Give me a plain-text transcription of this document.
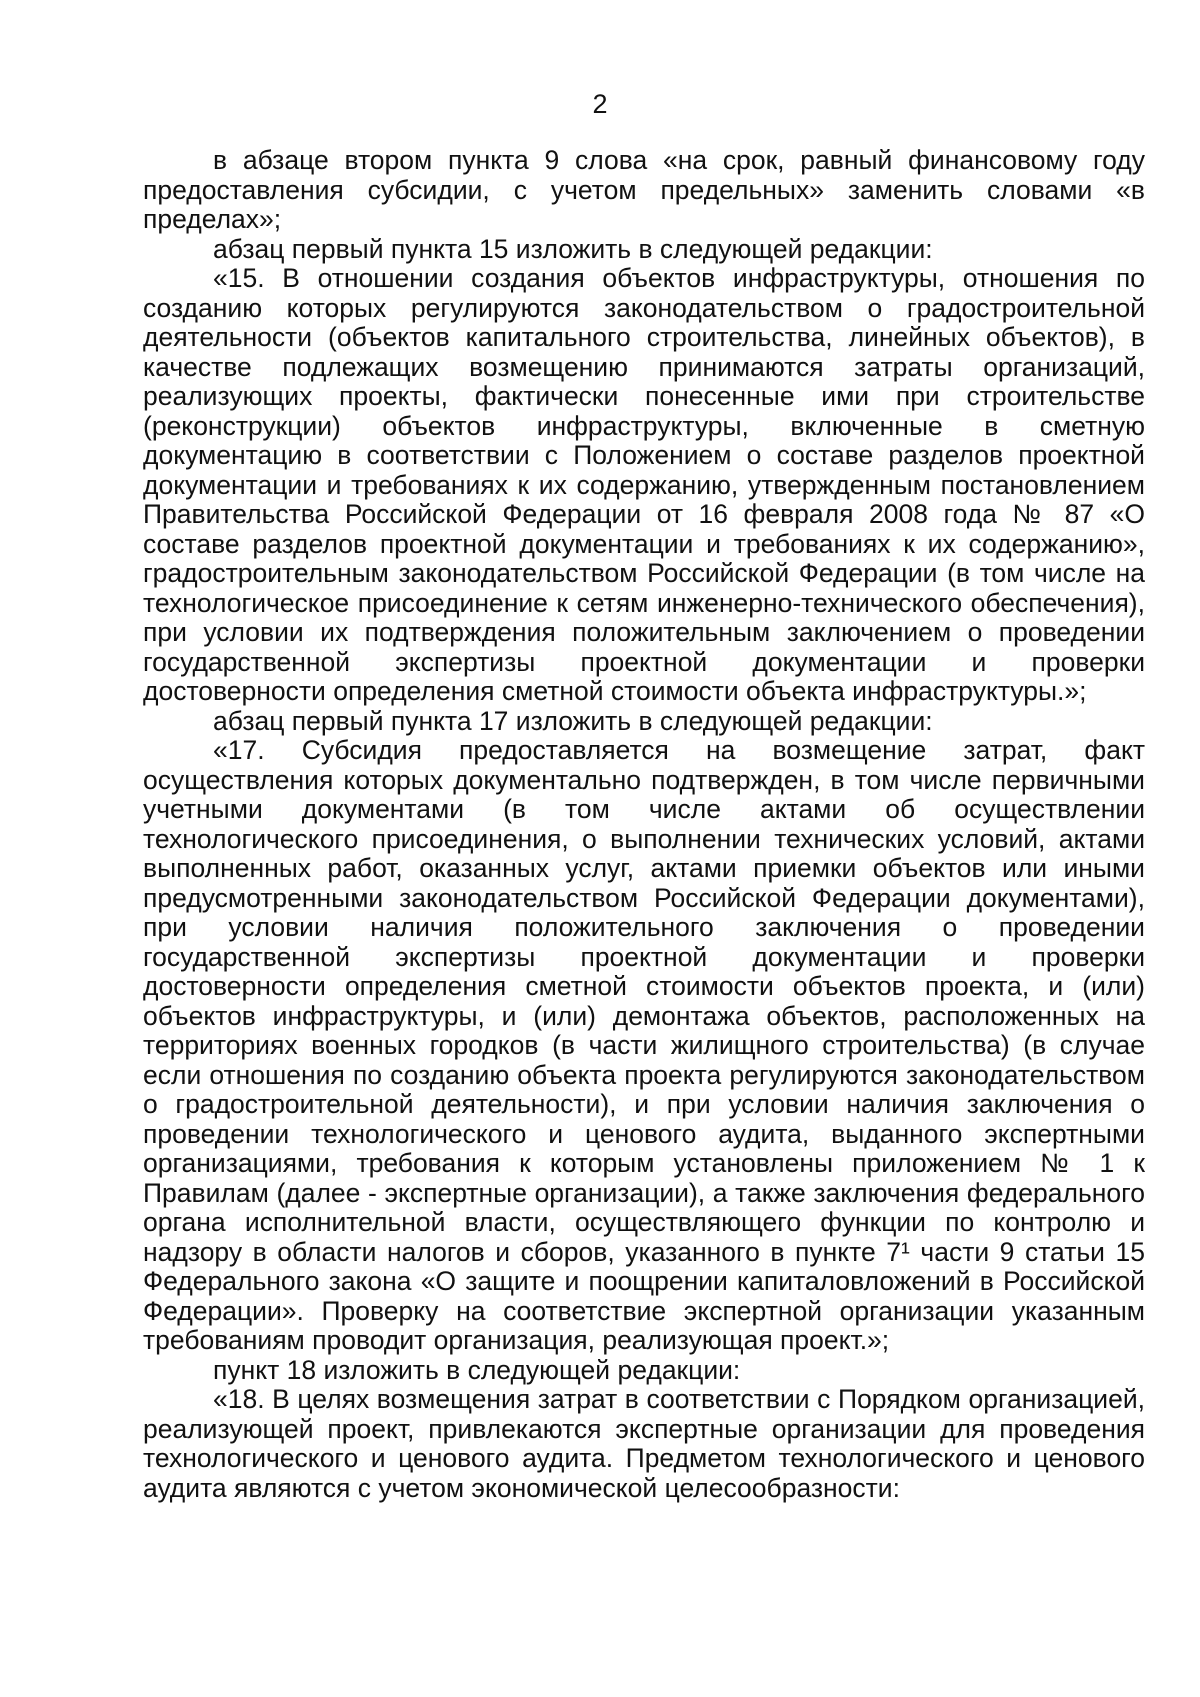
2

в абзаце втором пункта 9 слова «на срок, равный финансовому году предоставления субсидии, с учетом предельных» заменить словами «в пределах»;

абзац первый пункта 15 изложить в следующей редакции:

«15. В отношении создания объектов инфраструктуры, отношения по созданию которых регулируются законодательством о градостроительной деятельности (объектов капитального строительства, линейных объектов), в качестве подлежащих возмещению принимаются затраты организаций, реализующих проекты, фактически понесенные ими при строительстве (реконструкции) объектов инфраструктуры, включенные в сметную документацию в соответствии с Положением о составе разделов проектной документации и требованиях к их содержанию, утвержденным постановлением Правительства Российской Федерации от 16 февраля 2008 года № 87 «О составе разделов проектной документации и требованиях к их содержанию», градостроительным законодательством Российской Федерации (в том числе на технологическое присоединение к сетям инженерно-технического обеспечения), при условии их подтверждения положительным заключением о проведении государственной экспертизы проектной документации и проверки достоверности определения сметной стоимости объекта инфраструктуры.»;

абзац первый пункта 17 изложить в следующей редакции:

«17. Субсидия предоставляется на возмещение затрат, факт осуществления которых документально подтвержден, в том числе первичными учетными документами (в том числе актами об осуществлении технологического присоединения, о выполнении технических условий, актами выполненных работ, оказанных услуг, актами приемки объектов или иными предусмотренными законодательством Российской Федерации документами), при условии наличия положительного заключения о проведении государственной экспертизы проектной документации и проверки достоверности определения сметной стоимости объектов проекта, и (или) объектов инфраструктуры, и (или) демонтажа объектов, расположенных на территориях военных городков (в части жилищного строительства) (в случае если отношения по созданию объекта проекта регулируются законодательством о градостроительной деятельности), и при условии наличия заключения о проведении технологического и ценового аудита, выданного экспертными организациями, требования к которым установлены приложением № 1 к Правилам (далее - экспертные организации), а также заключения федерального органа исполнительной власти, осуществляющего функции по контролю и надзору в области налогов и сборов, указанного в пункте 7¹ части 9 статьи 15 Федерального закона «О защите и поощрении капиталовложений в Российской Федерации». Проверку на соответствие экспертной организации указанным требованиям проводит организация, реализующая проект.»;

пункт 18 изложить в следующей редакции:

«18. В целях возмещения затрат в соответствии с Порядком организацией, реализующей проект, привлекаются экспертные организации для проведения технологического и ценового аудита. Предметом технологического и ценового аудита являются с учетом экономической целесообразности:
